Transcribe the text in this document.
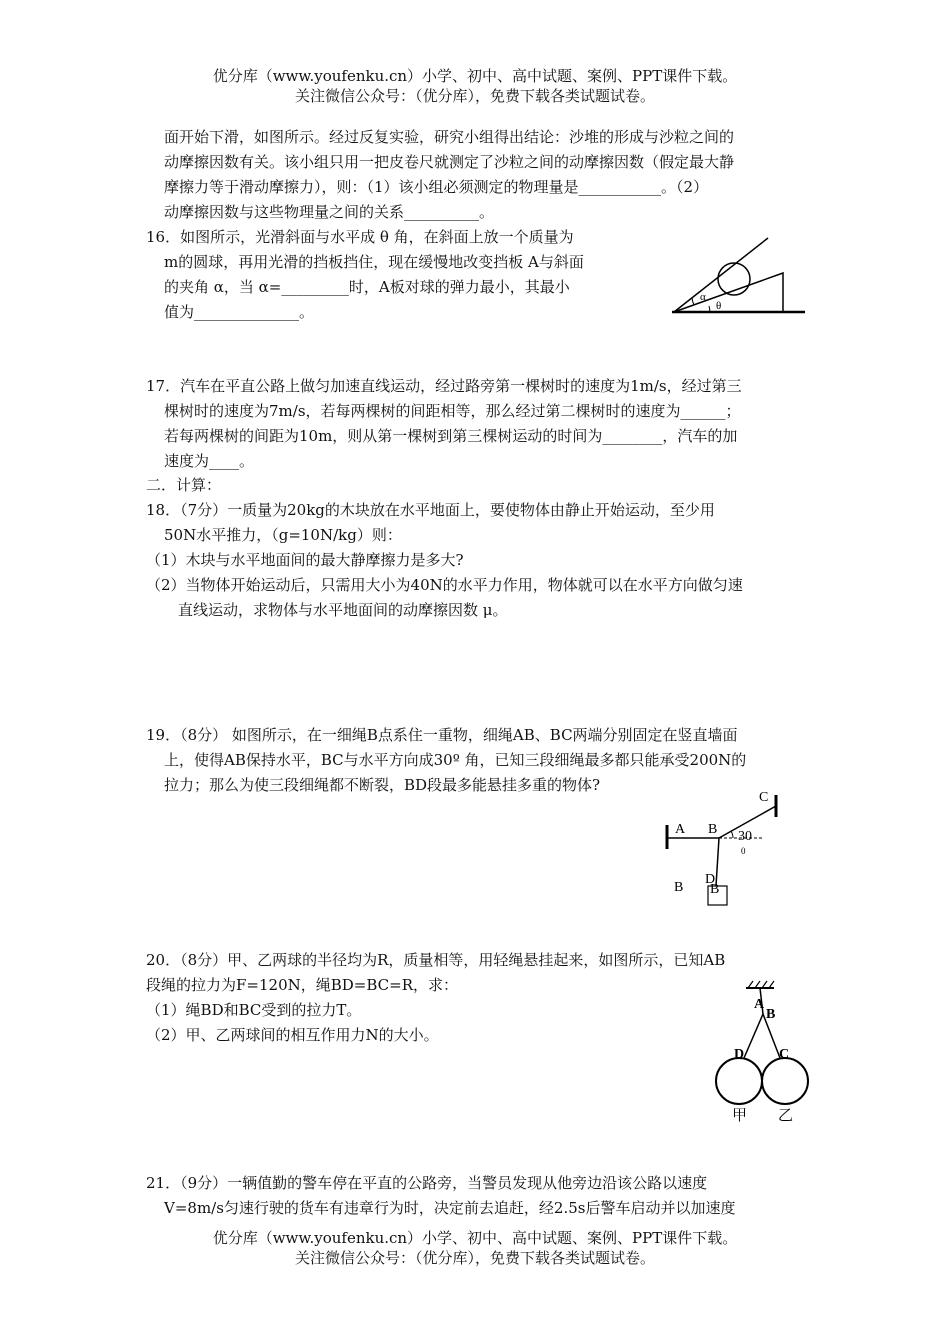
优分库（www.youfenku.cn）小学、初中、高中试题、案例、PPT课件下载。
关注微信公众号：（优分库），免费下载各类试题试卷。
面开始下滑，如图所示。经过反复实验，研究小组得出结论：沙堆的形成与沙粒之间的
动摩擦因数有关。该小组只用一把皮卷尺就测定了沙粒之间的动摩擦因数（假定最大静
摩擦力等于滑动摩擦力），则：（1）该小组必须测定的物理量是___________。（2）
动摩擦因数与这些物理量之间的关系__________。
16．如图所示，光滑斜面与水平成 θ 角，在斜面上放一个质量为
m的圆球，再用光滑的挡板挡住，现在缓慢地改变挡板 A与斜面
的夹角 α，当 α=_________时，A板对球的弹力最小，其最小
值为______________。
α
θ
17．汽车在平直公路上做匀加速直线运动，经过路旁第一棵树时的速度为1m/s，经过第三
棵树时的速度为7m/s，若每两棵树的间距相等，那么经过第二棵树时的速度为______；
若每两棵树的间距为10m，则从第一棵树到第三棵树运动的时间为________，汽车的加
速度为____。
二．计算：
18．（7分）一质量为20kg的木块放在水平地面上，要使物体由静止开始运动，至少用
50N水平推力，（g=10N/kg）则：
（1）木块与水平地面间的最大静摩擦力是多大?
（2）当物体开始运动后，只需用大小为40N的水平力作用，物体就可以在水平方向做匀速
直线运动，求物体与水平地面间的动摩擦因数 μ。
19．（8分） 如图所示，在一细绳B点系住一重物，细绳AB、BC两端分别固定在竖直墙面
上，使得AB保持水平，BC与水平方向成30º 角，已知三段细绳最多都只能承受200N的
拉力；那么为使三段细绳都不断裂，BD段最多能悬挂多重的物体?
A B
C
30
0
D
B
B
20．（8分）甲、乙两球的半径均为R，质量相等，用轻绳悬挂起来，如图所示，已知AB
段绳的拉力为F=120N，绳BD=BC=R，求：
（1）绳BD和BC受到的拉力T。
（2）甲、乙两球间的相互作用力N的大小。
A
B
D C
甲 乙
21．（9分）一辆值勤的警车停在平直的公路旁，当警员发现从他旁边沿该公路以速度
V=8m/s匀速行驶的货车有违章行为时，决定前去追赶，经2.5s后警车启动并以加速度
优分库（www.youfenku.cn）小学、初中、高中试题、案例、PPT课件下载。
关注微信公众号：（优分库），免费下载各类试题试卷。
